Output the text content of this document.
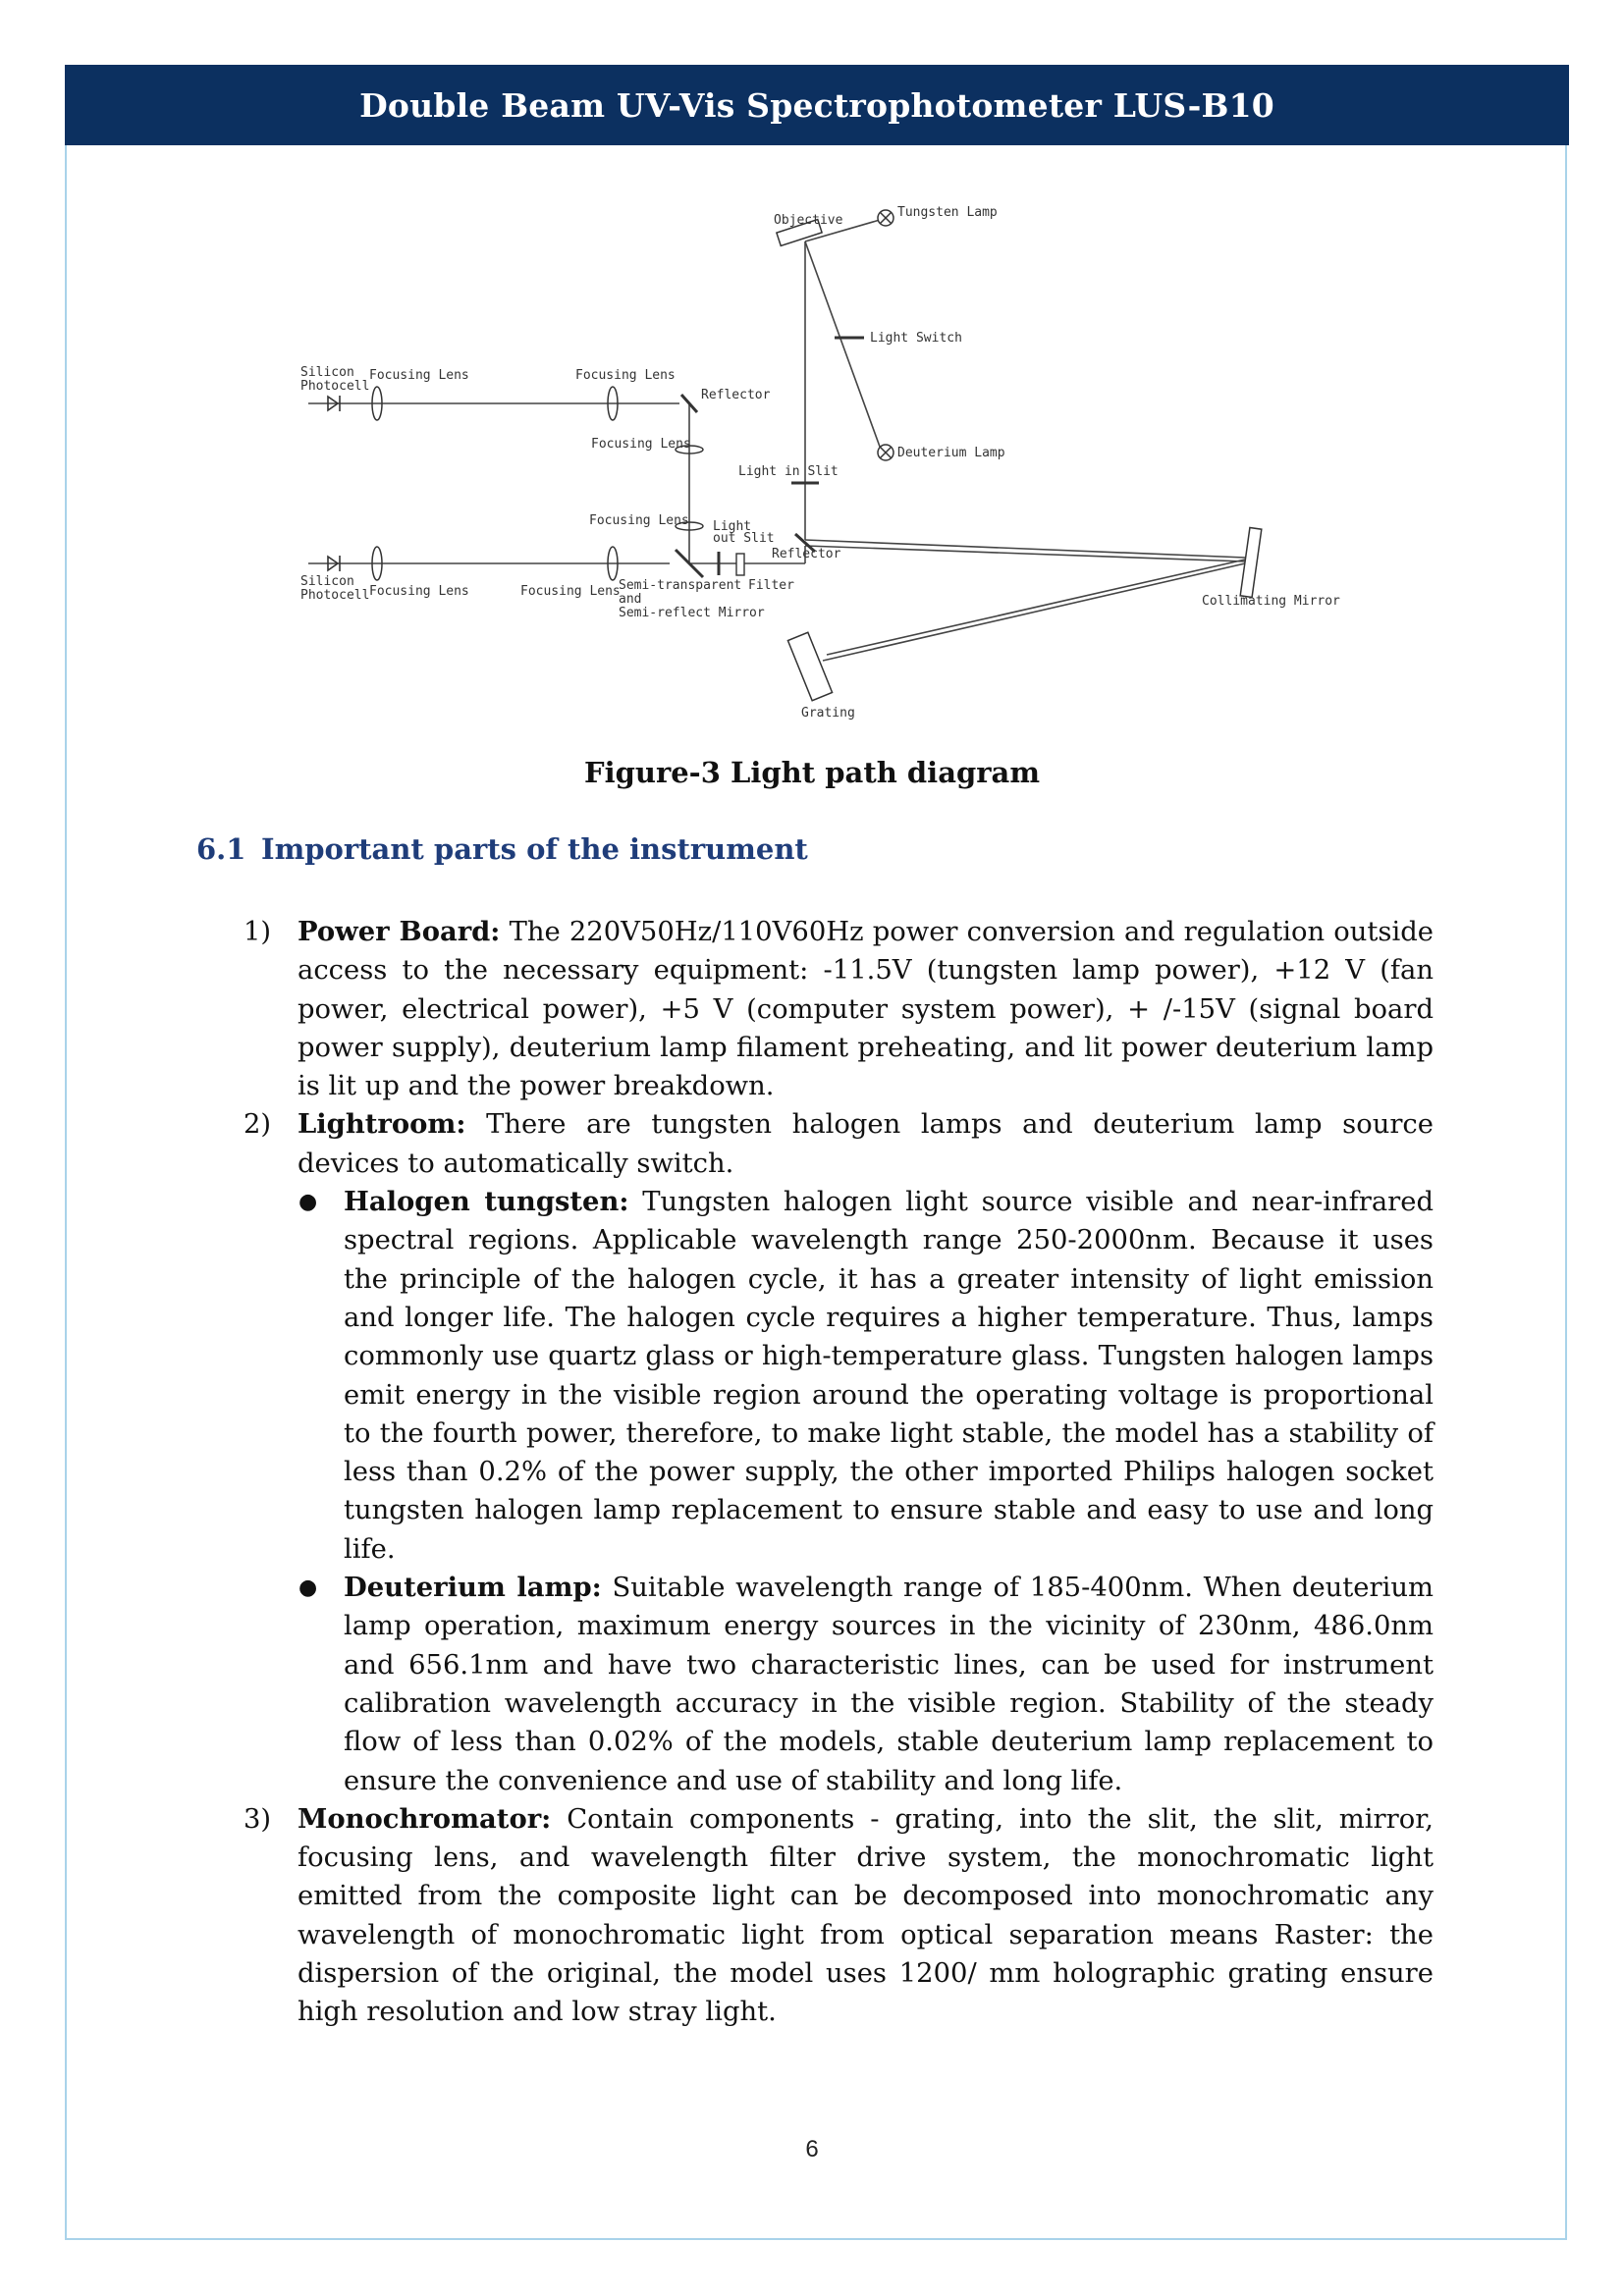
Double Beam UV-Vis Spectrophotometer LUS-B10
Objective
Tungsten Lamp
Light Switch
Deuterium Lamp
Silicon
Photocell
Focusing Lens	Focusing Lens
Reflector
Focusing Lens
Light in Slit
Focusing Lens Light
out Slit
Reflector
Silicon
Photocell Focusing Lens	Focusing Lens
Semi-transparent Filter
and
Semi-reflect Mirror
Collimating Mirror
Grating
Figure-3 Light path diagram
6.1 Important parts of the instrument
1) Power Board: The 220V50Hz/110V60Hz power conversion and regulation outside access to the necessary equipment: -11.5V (tungsten lamp power), +12 V (fan power, electrical power), +5 V (computer system power), + /-15V (signal board power supply), deuterium lamp filament preheating, and lit power deuterium lamp is lit up and the power breakdown.
2) Lightroom: There are tungsten halogen lamps and deuterium lamp source devices to automatically switch.
● Halogen tungsten: Tungsten halogen light source visible and near-infrared spectral regions. Applicable wavelength range 250-2000nm. Because it uses the principle of the halogen cycle, it has a greater intensity of light emission and longer life. The halogen cycle requires a higher temperature. Thus, lamps commonly use quartz glass or high-temperature glass. Tungsten halogen lamps emit energy in the visible region around the operating voltage is proportional to the fourth power, therefore, to make light stable, the model has a stability of less than 0.2% of the power supply, the other imported Philips halogen socket tungsten halogen lamp replacement to ensure stable and easy to use and long life.
● Deuterium lamp: Suitable wavelength range of 185-400nm. When deuterium lamp operation, maximum energy sources in the vicinity of 230nm, 486.0nm and 656.1nm and have two characteristic lines, can be used for instrument calibration wavelength accuracy in the visible region. Stability of the steady flow of less than 0.02% of the models, stable deuterium lamp replacement to ensure the convenience and use of stability and long life.
3) Monochromator: Contain components - grating, into the slit, the slit, mirror, focusing lens, and wavelength filter drive system, the monochromatic light emitted from the composite light can be decomposed into monochromatic any wavelength of monochromatic light from optical separation means Raster: the dispersion of the original, the model uses 1200/ mm holographic grating ensure high resolution and low stray light.
6
